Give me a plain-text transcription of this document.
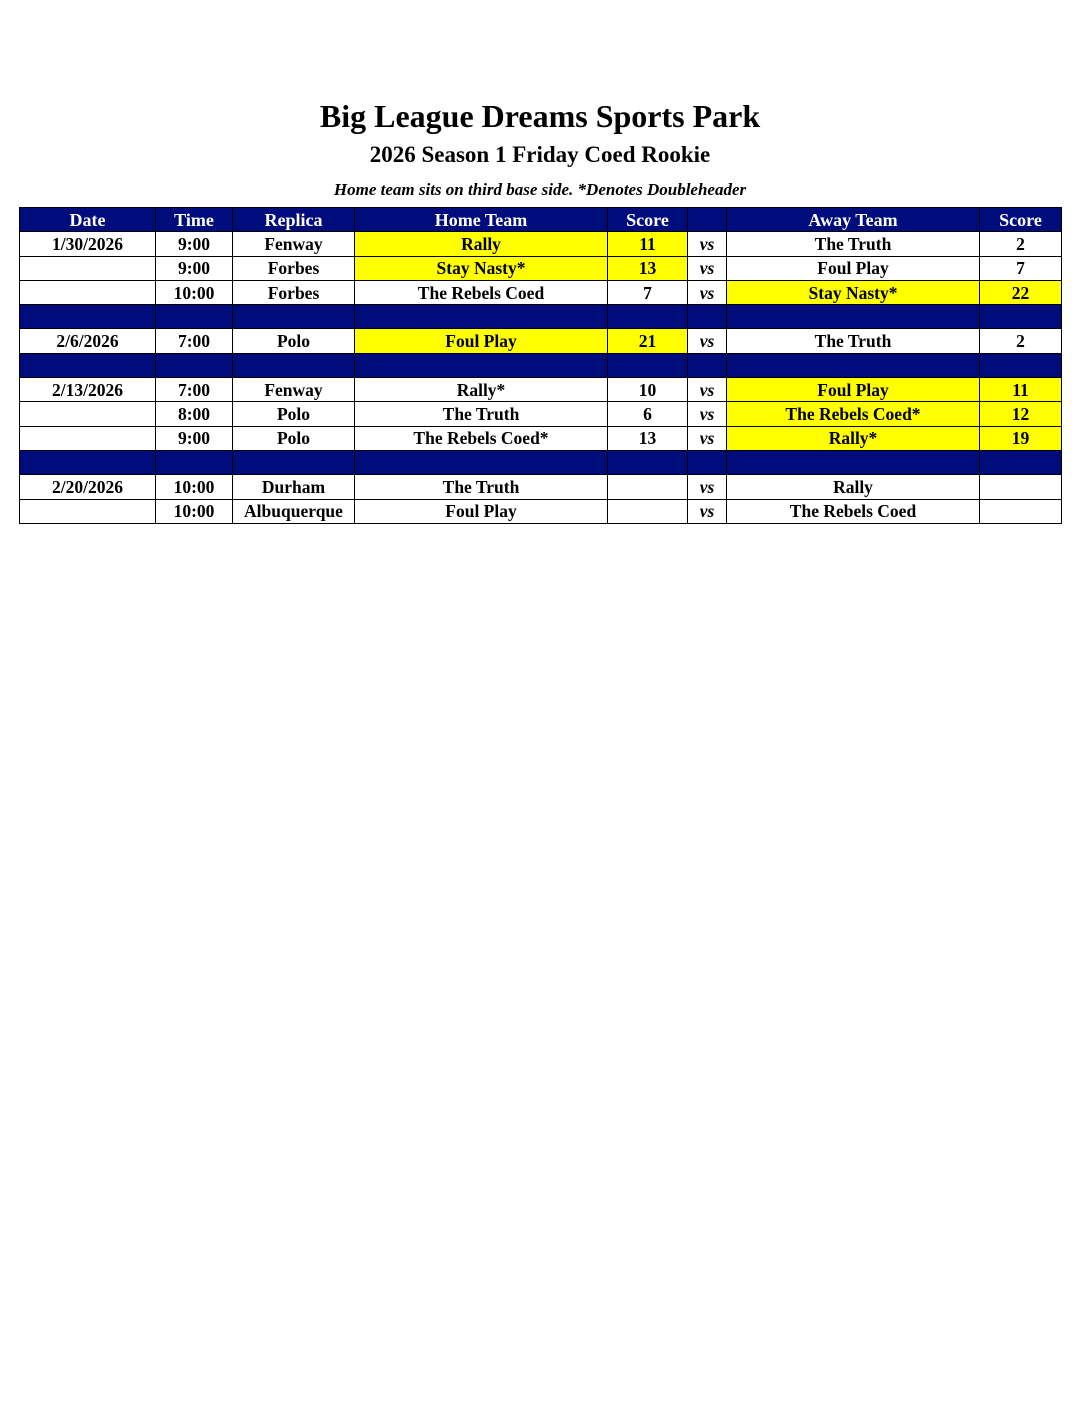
Big League Dreams Sports Park
2026 Season 1 Friday Coed Rookie
Home team sits on third base side. *Denotes Doubleheader
Date	Time	Replica	Home Team	Score		Away Team	Score
1/30/2026	9:00	Fenway	Rally	11	vs	The Truth	2
	9:00	Forbes	Stay Nasty*	13	vs	Foul Play	7
	10:00	Forbes	The Rebels Coed	7	vs	Stay Nasty*	22

2/6/2026	7:00	Polo	Foul Play	21	vs	The Truth	2

2/13/2026	7:00	Fenway	Rally*	10	vs	Foul Play	11
	8:00	Polo	The Truth	6	vs	The Rebels Coed*	12
	9:00	Polo	The Rebels Coed*	13	vs	Rally*	19

2/20/2026	10:00	Durham	The Truth		vs	Rally	
	10:00	Albuquerque	Foul Play		vs	The Rebels Coed	
